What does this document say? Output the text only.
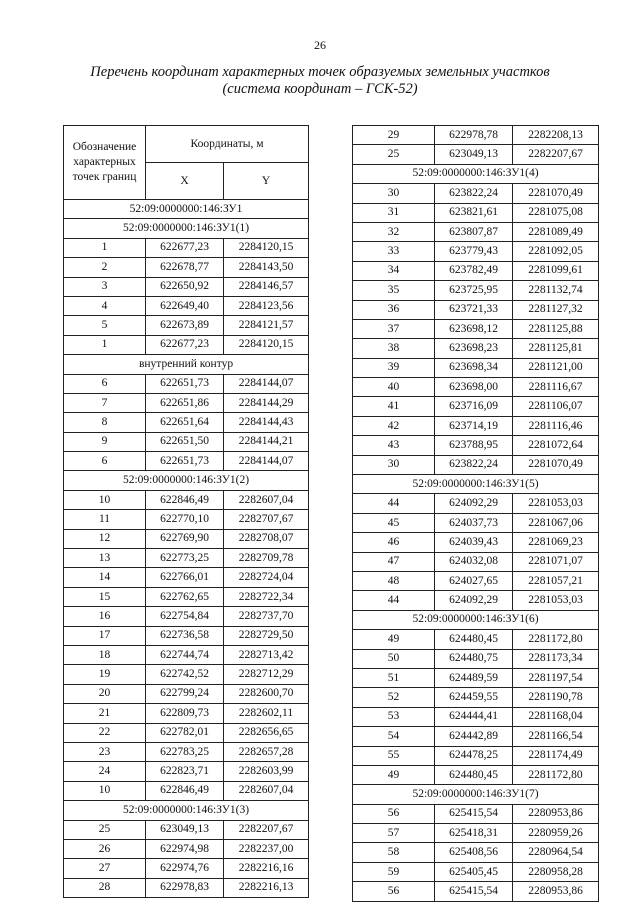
26
Перечень координат характерных точек образуемых земельных участков
(система координат – ГСК-52)
Обозначение характерных точек границ	Координаты, м	
	X	Y
52:09:0000000:146:ЗУ1		
52:09:0000000:146:ЗУ1(1)		
1	622677,23	2284120,15
2	622678,77	2284143,50
3	622650,92	2284146,57
4	622649,40	2284123,56
5	622673,89	2284121,57
1	622677,23	2284120,15
внутренний контур		
6	622651,73	2284144,07
7	622651,86	2284144,29
8	622651,64	2284144,43
9	622651,50	2284144,21
6	622651,73	2284144,07
52:09:0000000:146:ЗУ1(2)		
10	622846,49	2282607,04
11	622770,10	2282707,67
12	622769,90	2282708,07
13	622773,25	2282709,78
14	622766,01	2282724,04
15	622762,65	2282722,34
16	622754,84	2282737,70
17	622736,58	2282729,50
18	622744,74	2282713,42
19	622742,52	2282712,29
20	622799,24	2282600,70
21	622809,73	2282602,11
22	622782,01	2282656,65
23	622783,25	2282657,28
24	622823,71	2282603,99
10	622846,49	2282607,04
52:09:0000000:146:ЗУ1(3)		
25	623049,13	2282207,67
26	622974,98	2282237,00
27	622974,76	2282216,16
28	622978,83	2282216,13
29	622978,78	2282208,13
25	623049,13	2282207,67
52:09:0000000:146:ЗУ1(4)		
30	623822,24	2281070,49
31	623821,61	2281075,08
32	623807,87	2281089,49
33	623779,43	2281092,05
34	623782,49	2281099,61
35	623725,95	2281132,74
36	623721,33	2281127,32
37	623698,12	2281125,88
38	623698,23	2281125,81
39	623698,34	2281121,00
40	623698,00	2281116,67
41	623716,09	2281106,07
42	623714,19	2281116,46
43	623788,95	2281072,64
30	623822,24	2281070,49
52:09:0000000:146:ЗУ1(5)		
44	624092,29	2281053,03
45	624037,73	2281067,06
46	624039,43	2281069,23
47	624032,08	2281071,07
48	624027,65	2281057,21
44	624092,29	2281053,03
52:09:0000000:146:ЗУ1(6)		
49	624480,45	2281172,80
50	624480,75	2281173,34
51	624489,59	2281197,54
52	624459,55	2281190,78
53	624444,41	2281168,04
54	624442,89	2281166,54
55	624478,25	2281174,49
49	624480,45	2281172,80
52:09:0000000:146:ЗУ1(7)		
56	625415,54	2280953,86
57	625418,31	2280959,26
58	625408,56	2280964,54
59	625405,45	2280958,28
56	625415,54	2280953,86
